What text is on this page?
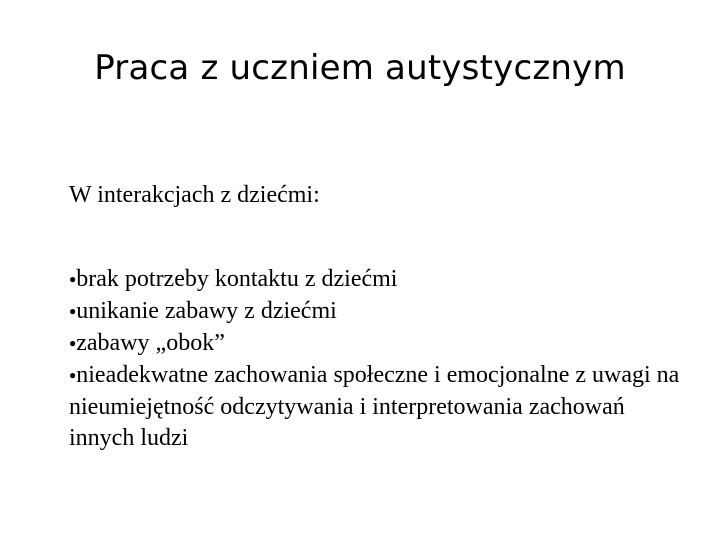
Praca z uczniem autystycznym

W interakcjach z dziećmi:

●brak potrzeby kontaktu z dziećmi
●unikanie zabawy z dziećmi
●zabawy „obok”
●nieadekwatne zachowania społeczne i emocjonalne z uwagi na nieumiejętność odczytywania i interpretowania zachowań innych ludzi
